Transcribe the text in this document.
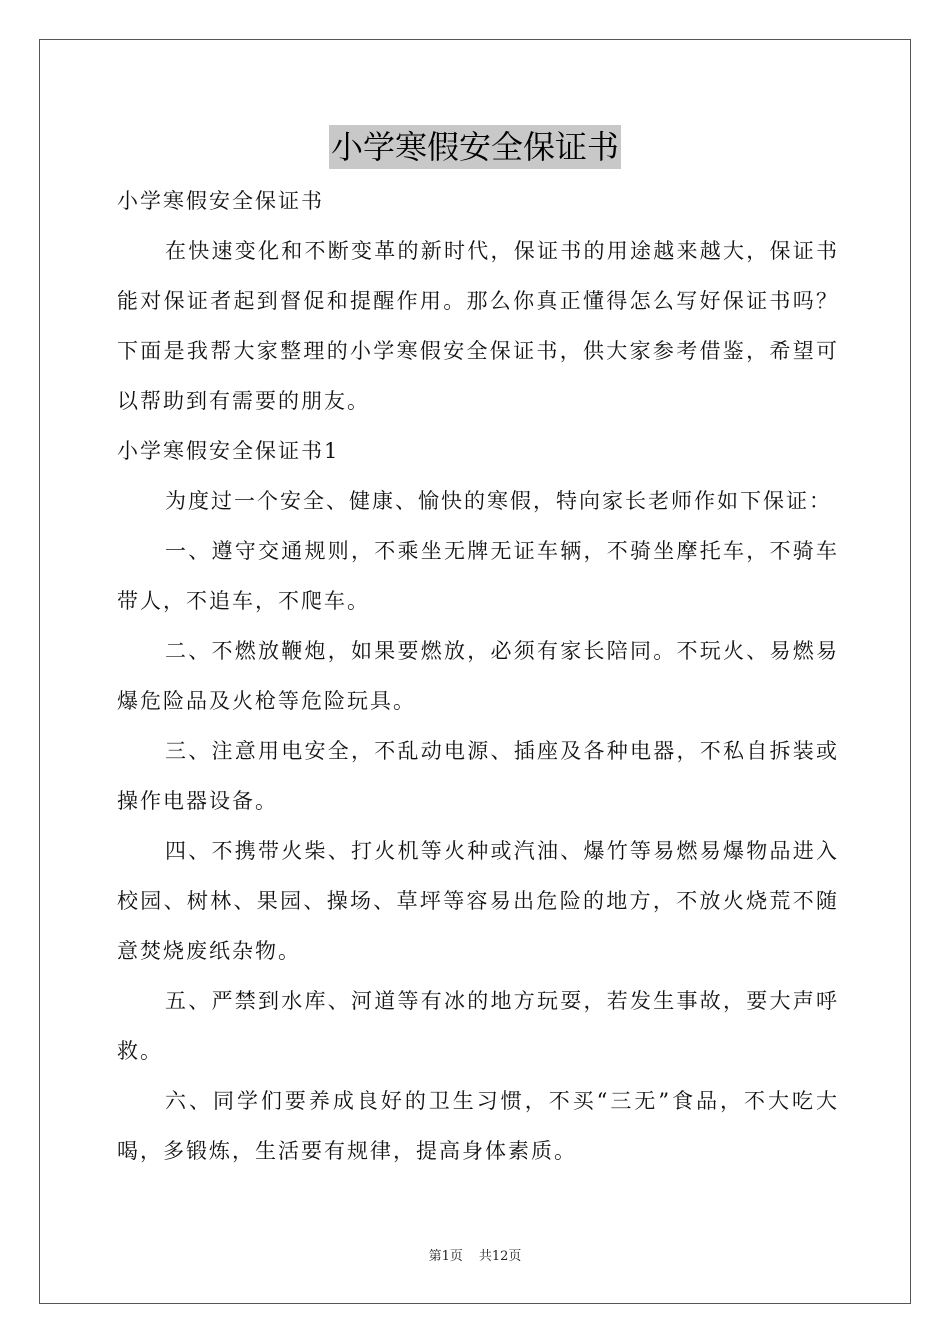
小学寒假安全保证书

小学寒假安全保证书

在快速变化和不断变革的新时代，保证书的用途越来越大，保证书能对保证者起到督促和提醒作用。那么你真正懂得怎么写好保证书吗？下面是我帮大家整理的小学寒假安全保证书，供大家参考借鉴，希望可以帮助到有需要的朋友。

小学寒假安全保证书1

为度过一个安全、健康、愉快的寒假，特向家长老师作如下保证：

一、遵守交通规则，不乘坐无牌无证车辆，不骑坐摩托车，不骑车带人，不追车，不爬车。

二、不燃放鞭炮，如果要燃放，必须有家长陪同。不玩火、易燃易爆危险品及火枪等危险玩具。

三、注意用电安全，不乱动电源、插座及各种电器，不私自拆装或操作电器设备。

四、不携带火柴、打火机等火种或汽油、爆竹等易燃易爆物品进入校园、树林、果园、操场、草坪等容易出危险的地方，不放火烧荒不随意焚烧废纸杂物。

五、严禁到水库、河道等有冰的地方玩耍，若发生事故，要大声呼救。

六、同学们要养成良好的卫生习惯，不买“三无”食品，不大吃大喝，多锻炼，生活要有规律，提高身体素质。

第1页 共12页
